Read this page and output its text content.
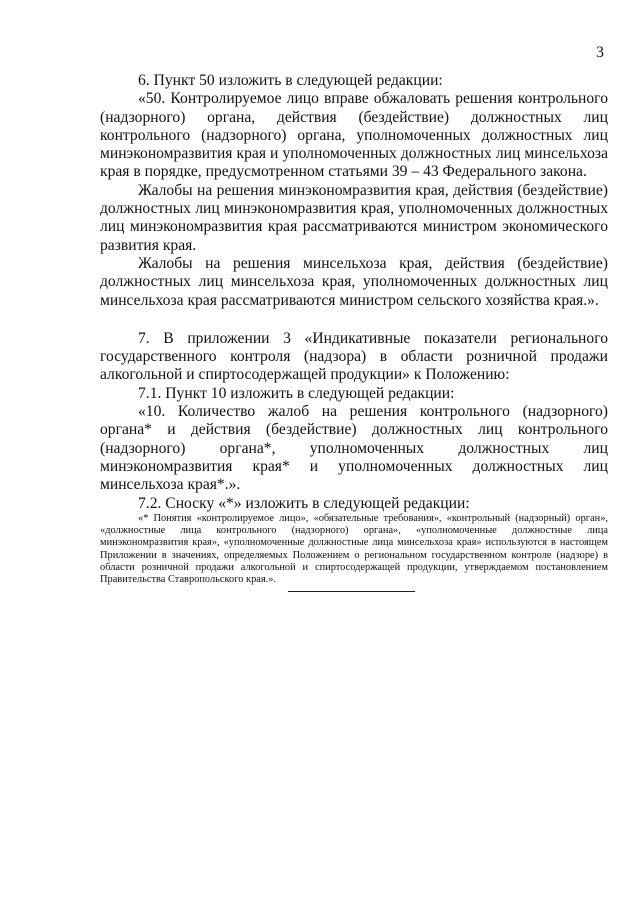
3

6. Пункт 50 изложить в следующей редакции:

«50. Контролируемое лицо вправе обжаловать решения контрольного (надзорного) органа, действия (бездействие) должностных лиц контрольного (надзорного) органа, уполномоченных должностных лиц минэкономразвития края и уполномоченных должностных лиц минсельхоза края в порядке, предусмотренном статьями 39 – 43 Федерального закона.

Жалобы на решения минэкономразвития края, действия (бездействие) должностных лиц минэкономразвития края, уполномоченных должностных лиц минэкономразвития края рассматриваются министром экономического развития края.

Жалобы на решения минсельхоза края, действия (бездействие) должностных лиц минсельхоза края, уполномоченных должностных лиц минсельхоза края рассматриваются министром сельского хозяйства края.».

7. В приложении 3 «Индикативные показатели регионального государственного контроля (надзора) в области розничной продажи алкогольной и спиртосодержащей продукции» к Положению:

7.1. Пункт 10 изложить в следующей редакции:

«10. Количество жалоб на решения контрольного (надзорного) органа* и действия (бездействие) должностных лиц контрольного (надзорного) органа*, уполномоченных должностных лиц минэкономразвития края* и уполномоченных должностных лиц минсельхоза края*.».

7.2. Сноску «*» изложить в следующей редакции:

«* Понятия «контролируемое лицо», «обязательные требования», «контрольный (надзорный) орган», «должностные лица контрольного (надзорного) органа», «уполномоченные должностные лица минэкономразвития края», «уполномоченные должностные лица минсельхоза края» используются в настоящем Приложении в значениях, определяемых Положением о региональном государственном контроле (надзоре) в области розничной продажи алкогольной и спиртосодержащей продукции, утверждаемом постановлением Правительства Ставропольского края.».
